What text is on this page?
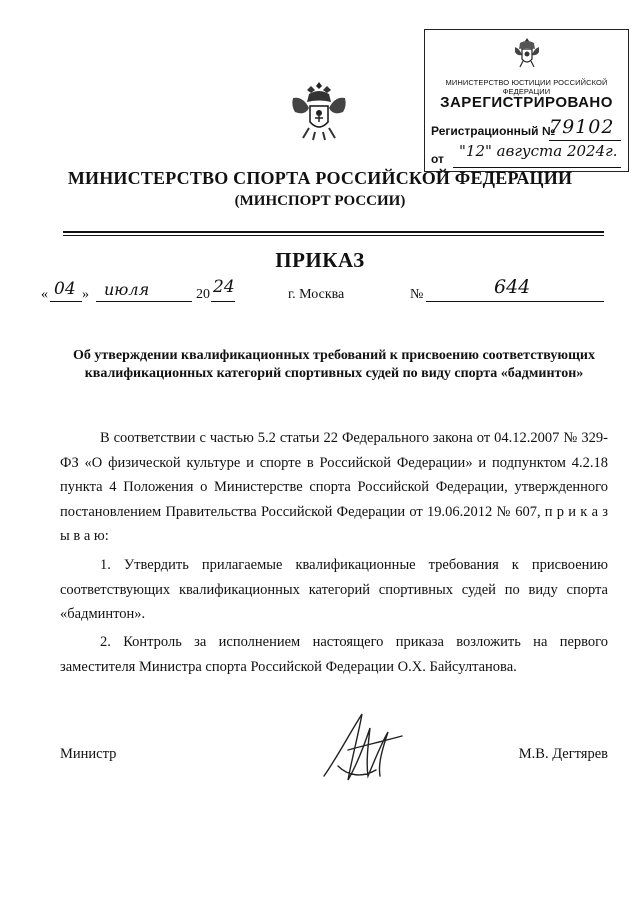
МИНИСТЕРСТВО ЮСТИЦИИ РОССИЙСКОЙ ФЕДЕРАЦИИ
ЗАРЕГИСТРИРОВАНО
Регистрационный №
79102
от "12" августа 2024г.
МИНИСТЕРСТВО СПОРТА РОССИЙСКОЙ ФЕДЕРАЦИИ
(МИНСПОРТ РОССИИ)
ПРИКАЗ
« 04 » июля	20 24	г. Москва	№	644
Об утверждении квалификационных требований к присвоению соответствующих квалификационных категорий спортивных судей по виду спорта «бадминтон»
В соответствии с частью 5.2 статьи 22 Федерального закона от 04.12.2007 № 329-ФЗ «О физической культуре и спорте в Российской Федерации» и подпунктом 4.2.18 пункта 4 Положения о Министерстве спорта Российской Федерации, утвержденного постановлением Правительства Российской Федерации от 19.06.2012 № 607, п р и к а з ы в а ю:
1. Утвердить прилагаемые квалификационные требования к присвоению соответствующих квалификационных категорий спортивных судей по виду спорта «бадминтон».
2. Контроль за исполнением настоящего приказа возложить на первого заместителя Министра спорта Российской Федерации О.Х. Байсултанова.
Министр	М.В. Дегтярев
